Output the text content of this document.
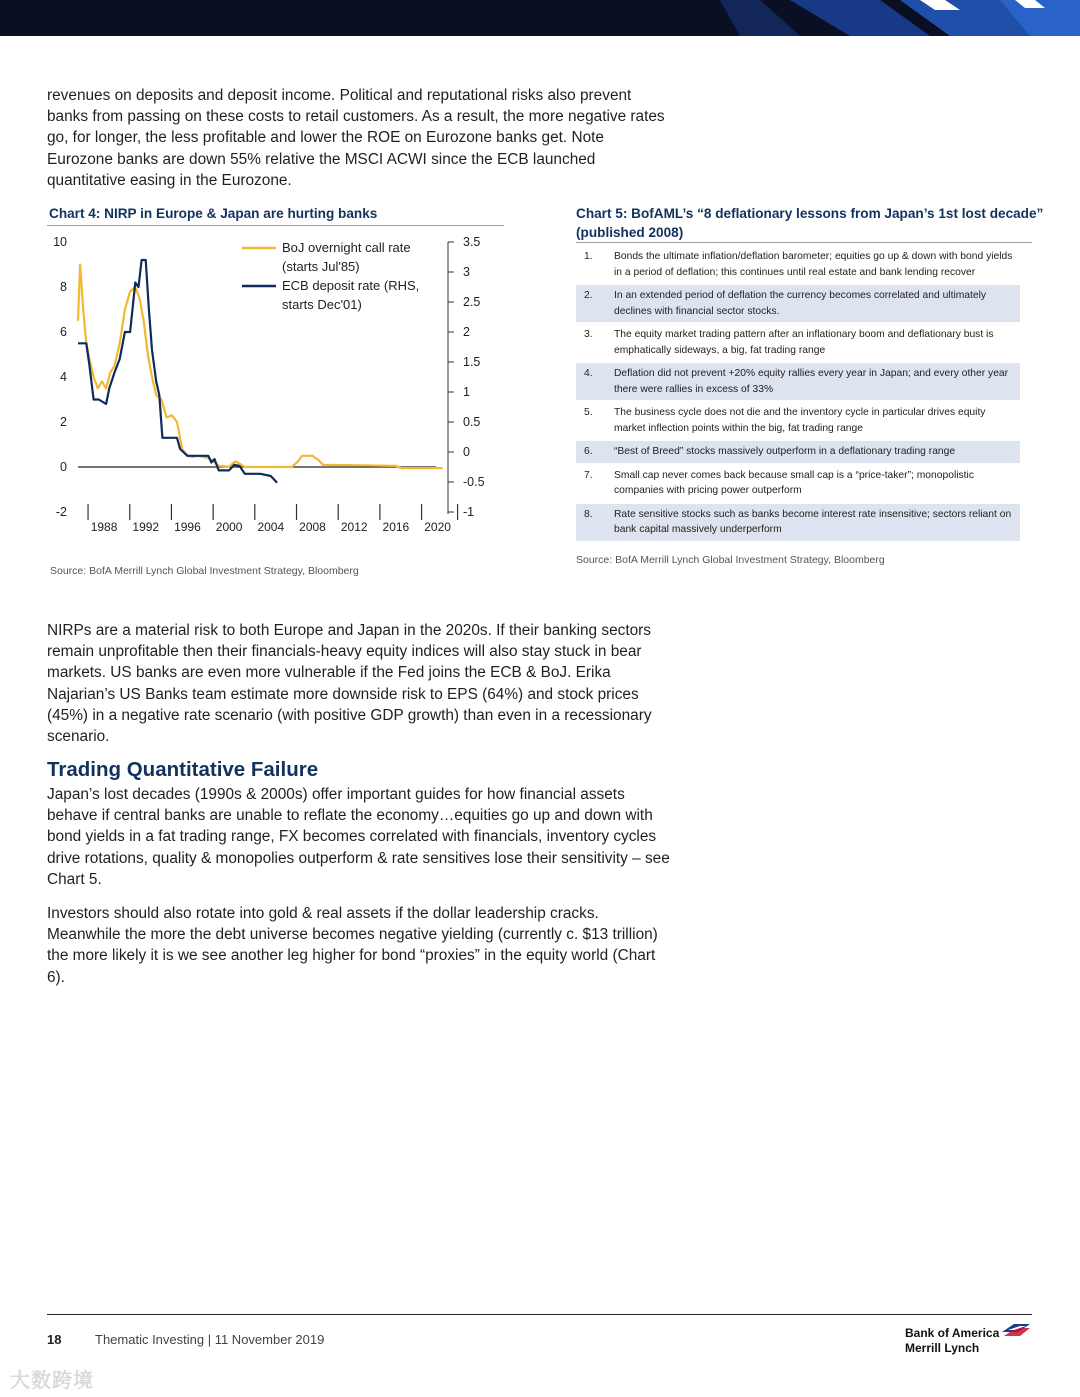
revenues on deposits and deposit income. Political and reputational risks also prevent banks from passing on these costs to retail customers. As a result, the more negative rates go, for longer, the less profitable and lower the ROE on Eurozone banks get. Note Eurozone banks are down 55% relative the MSCI ACWI since the ECB launched quantitative easing in the Eurozone.

Chart 4: NIRP in Europe & Japan are hurting banks

10
8
6
4
2
0
-2
3.5
3
2.5
2
1.5
1
0.5
0
-0.5
-1
1988 1992 1996 2000 2004 2008 2012 2016 2020
BoJ overnight call rate
(starts Jul'85)
ECB deposit rate (RHS,
starts Dec'01)

Source: BofA Merrill Lynch Global Investment Strategy, Bloomberg

Chart 5: BofAML’s “8 deflationary lessons from Japan’s 1st lost decade”

(published 2008)

1.	Bonds the ultimate inflation/deflation barometer; equities go up & down with bond yields in a period of deflation; this continues until real estate and bank lending recover
2.	In an extended period of deflation the currency becomes correlated and ultimately declines with financial sector stocks.
3.	The equity market trading pattern after an inflationary boom and deflationary bust is emphatically sideways, a big, fat trading range
4.	Deflation did not prevent +20% equity rallies every year in Japan; and every other year there were rallies in excess of 33%
5.	The business cycle does not die and the inventory cycle in particular drives equity market inflection points within the big, fat trading range
6.	“Best of Breed” stocks massively outperform in a deflationary trading range
7.	Small cap never comes back because small cap is a “price-taker”; monopolistic companies with pricing power outperform
8.	Rate sensitive stocks such as banks become interest rate insensitive; sectors reliant on bank capital massively underperform

Source: BofA Merrill Lynch Global Investment Strategy, Bloomberg

NIRPs are a material risk to both Europe and Japan in the 2020s. If their banking sectors remain unprofitable then their financials-heavy equity indices will also stay stuck in bear markets. US banks are even more vulnerable if the Fed joins the ECB & BoJ. Erika Najarian’s US Banks team estimate more downside risk to EPS (64%) and stock prices (45%) in a negative rate scenario (with positive GDP growth) than even in a recessionary scenario.

Trading Quantitative Failure

Japan’s lost decades (1990s & 2000s) offer important guides for how financial assets behave if central banks are unable to reflate the economy…equities go up and down with bond yields in a fat trading range, FX becomes correlated with financials, inventory cycles drive rotations, quality & monopolies outperform & rate sensitives lose their sensitivity – see Chart 5.

Investors should also rotate into gold & real assets if the dollar leadership cracks. Meanwhile the more the debt universe becomes negative yielding (currently c. $13 trillion) the more likely it is we see another leg higher for bond “proxies” in the equity world (Chart 6).

18	Thematic Investing | 11 November 2019	Bank of America
Merrill Lynch
大数跨境
